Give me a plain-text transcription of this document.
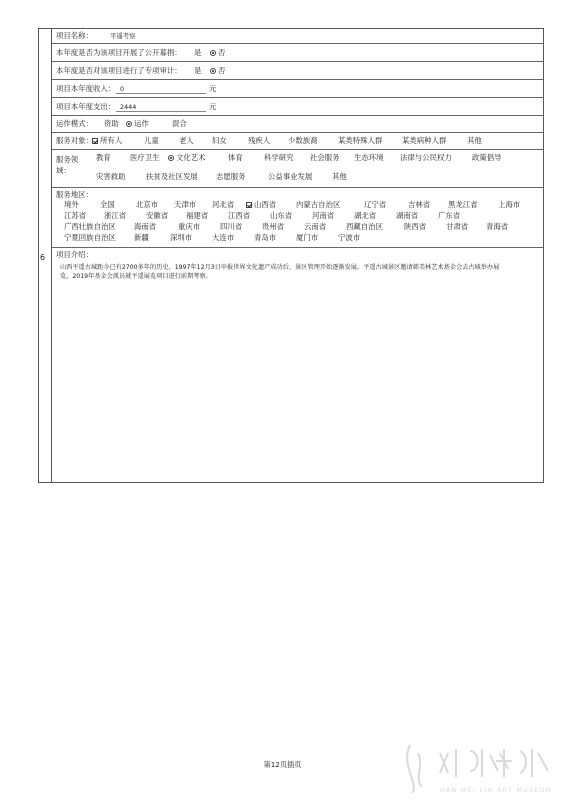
6
项目名称：	平遥考察
本年度是否为该项目开展了公开募捐： 是	否
本年度是否对该项目进行了专项审计： 是	否
项目本年度收入： 0	元
项目本年度支出： 2444	元
运作模式： 资助	运作	混合
服务对象： 所有人	儿童	老人 妇女	残疾人 少数族裔	某类特殊人群	某类病种人群	其他
服务领
域：
教育	医疗卫生	文化艺术	体育	科学研究 社会服务 生态环境 法律与公民权力	政策倡导
灾害救助	扶贫及社区发展 志愿服务	公益事业发展	其他
服务地区：
境外	全国	北京市 天津市 河北省	山西省	内蒙古自治区	辽宁省	吉林省 黑龙江省	上海市
江苏省 浙江省	安徽省 福建省	江西省	山东省	河南省	湖北省	湖南省	广东省
广西壮族自治区 海南省	重庆市	四川省	贵州省	云南省	西藏自治区	陕西省	甘肃省 青海省
宁夏回族自治区 新疆	深圳市	大连市	青岛市	厦门市	宁波市
项目介绍：
山西平遥古城距今已有2700多年的历史，1997年12月3日申报世界文化遗产成功后，景区管理开始逐渐发展。平遥古城景区邀请韩美林艺术基金会去古城举办展
览，2019年基金会派员就平遥展览项目进行前期考察。
第12页插页
HAN MEI LIN ART MUSEUM
